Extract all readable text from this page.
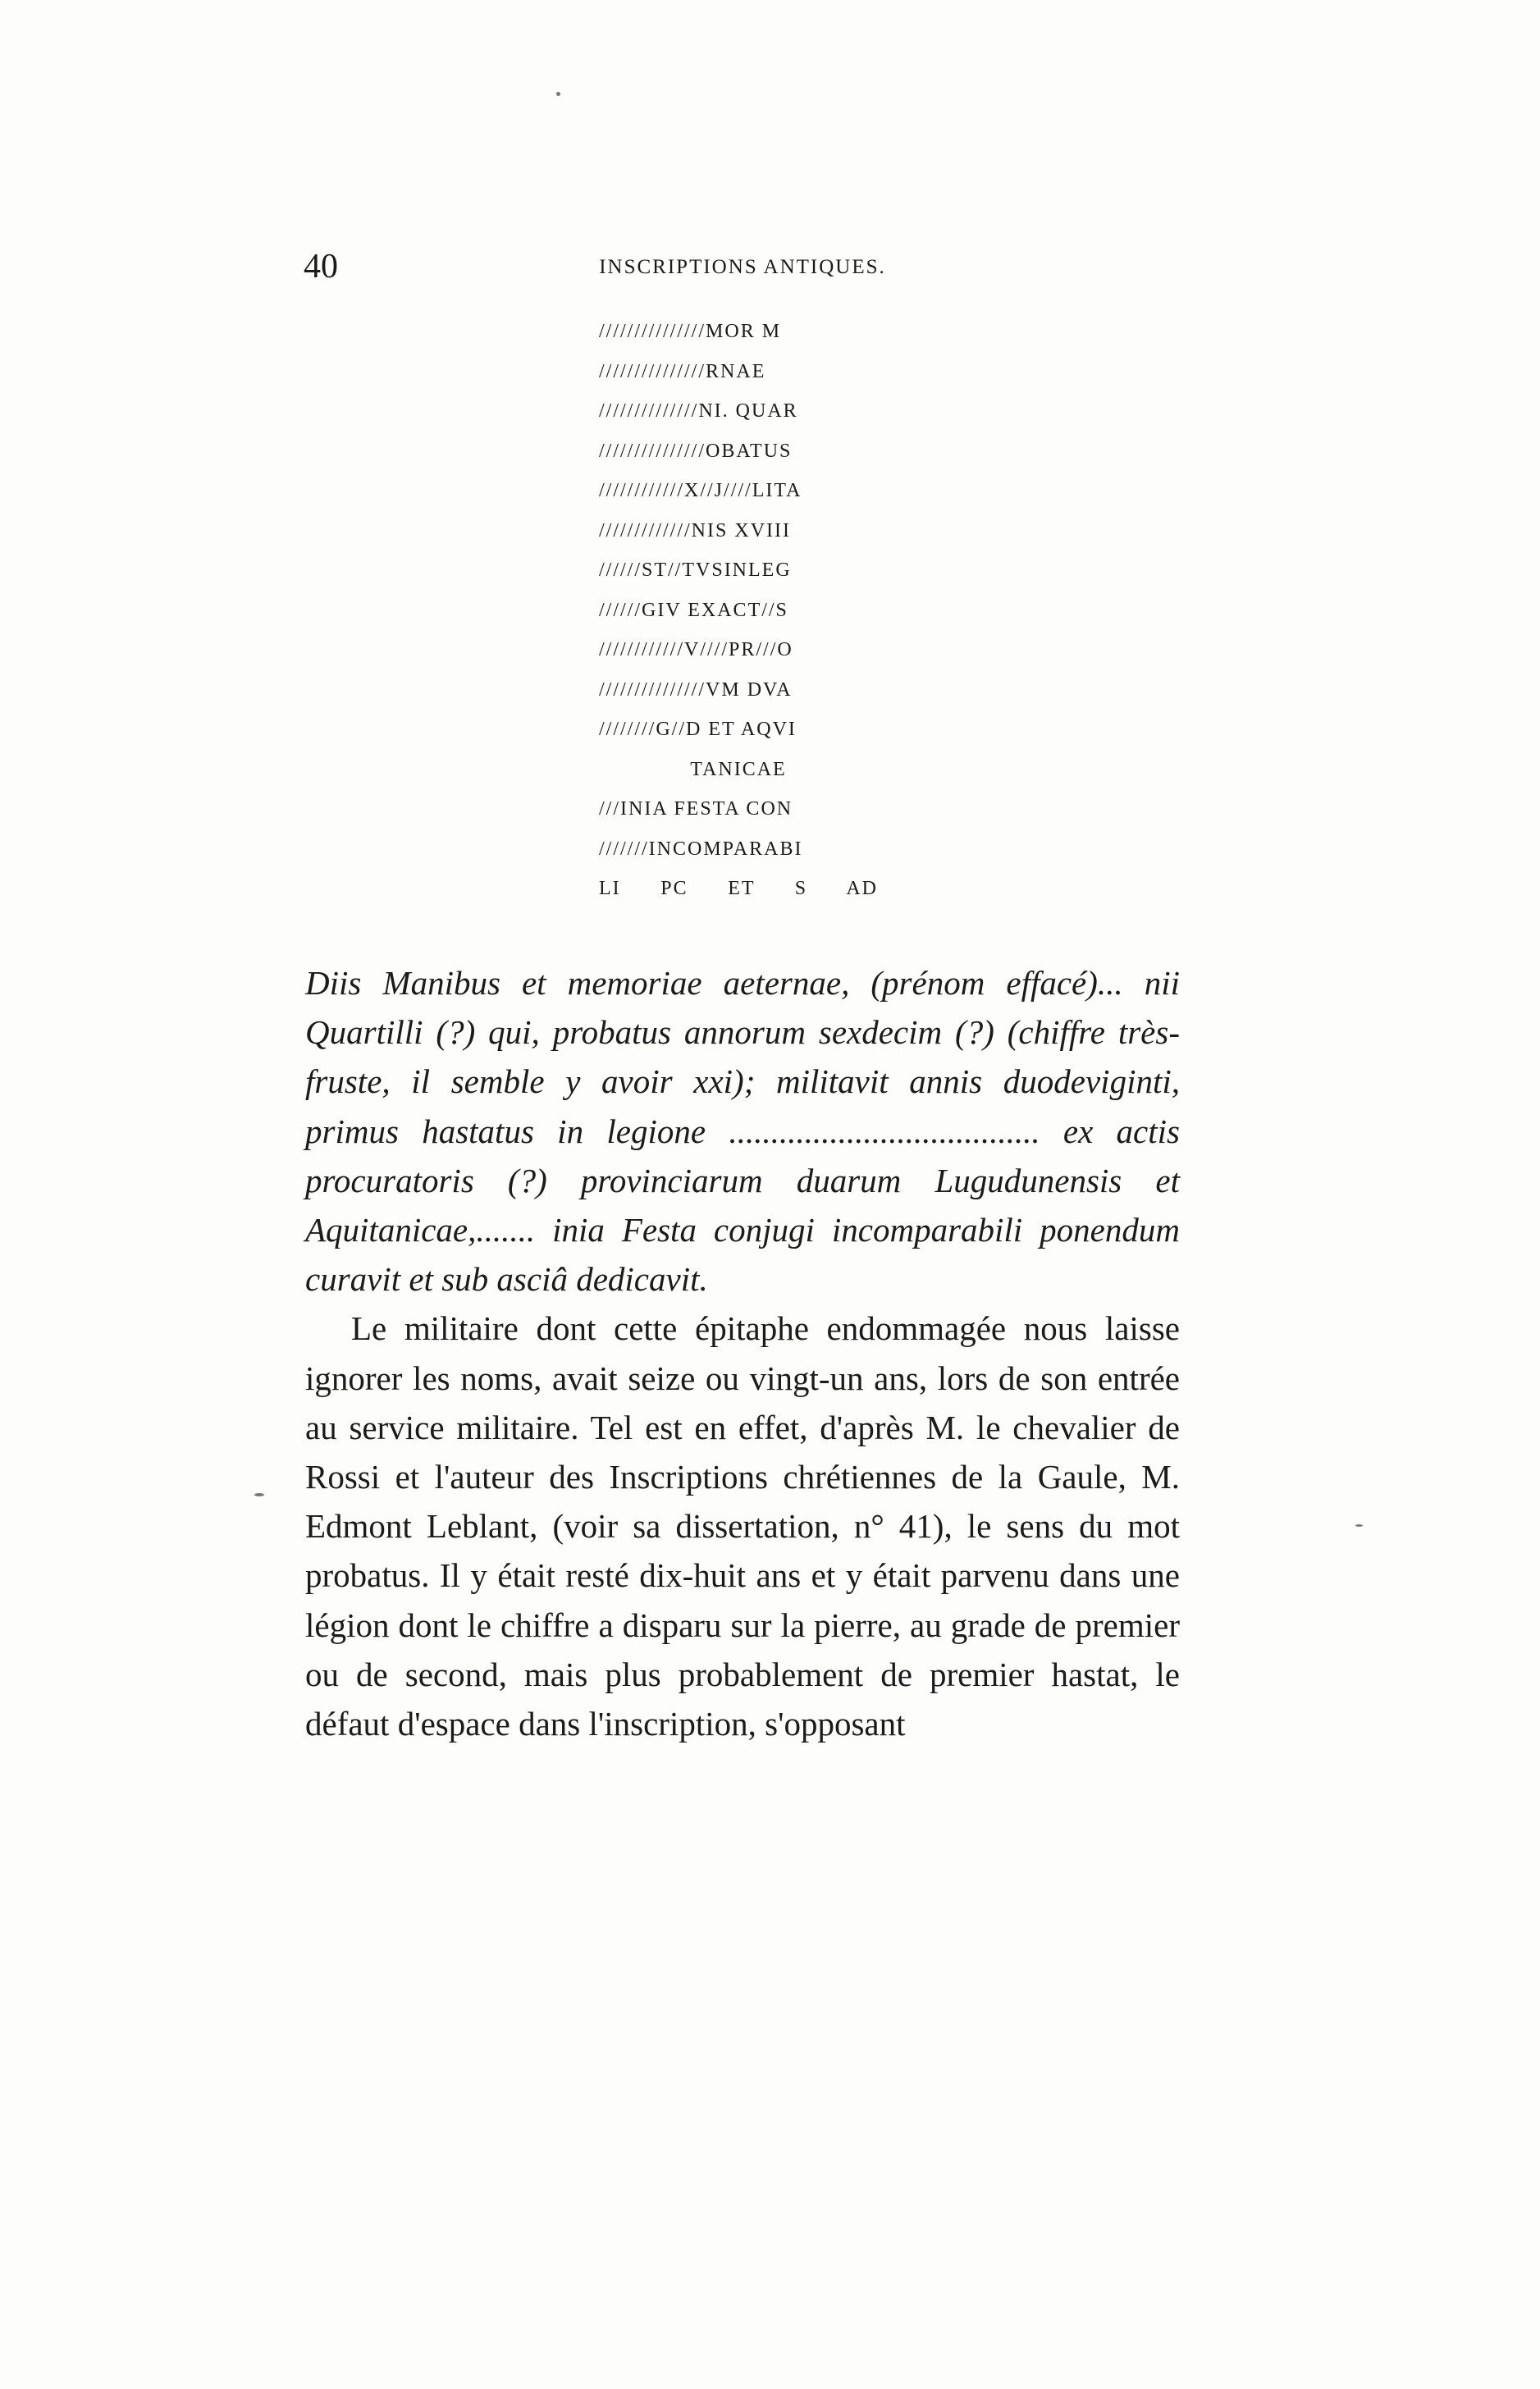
40	INSCRIPTIONS ANTIQUES.
///////////////MOR M
///////////////RNAE
//////////////NI. QUAR
///////////////OBATUS
////////////X//J////LITA
/////////////NIS XVIII
//////ST//TVSINLEG
//////GIV EXACT//S
////////////V////PR///O
///////////////VM DVA
////////G//D ET AQVI
TANICAE
///INIA FESTA CON
///////INCOMPARABI
LI PC ET S AD

Diis Manibus et memoriae aeternae, (prénom effacé)... nii Quartilli (?) qui, probatus annorum sexdecim (?) (chiffre très-fruste, il semble y avoir xxi); militavit annis duodeviginti, primus hastatus in legione ..................................... ex actis procuratoris (?) provinciarum duarum Lugudunensis et Aquitanicae,....... inia Festa conjugi incomparabili ponendum curavit et sub asciâ dedicavit.

Le militaire dont cette épitaphe endommagée nous laisse ignorer les noms, avait seize ou vingt-un ans, lors de son entrée au service militaire. Tel est en effet, d'après M. le chevalier de Rossi et l'auteur des Inscriptions chrétiennes de la Gaule, M. Edmont Leblant, (voir sa dissertation, n° 41), le sens du mot probatus. Il y était resté dix-huit ans et y était parvenu dans une légion dont le chiffre a disparu sur la pierre, au grade de premier ou de second, mais plus probablement de premier hastat, le défaut d'espace dans l'inscription, s'opposant
